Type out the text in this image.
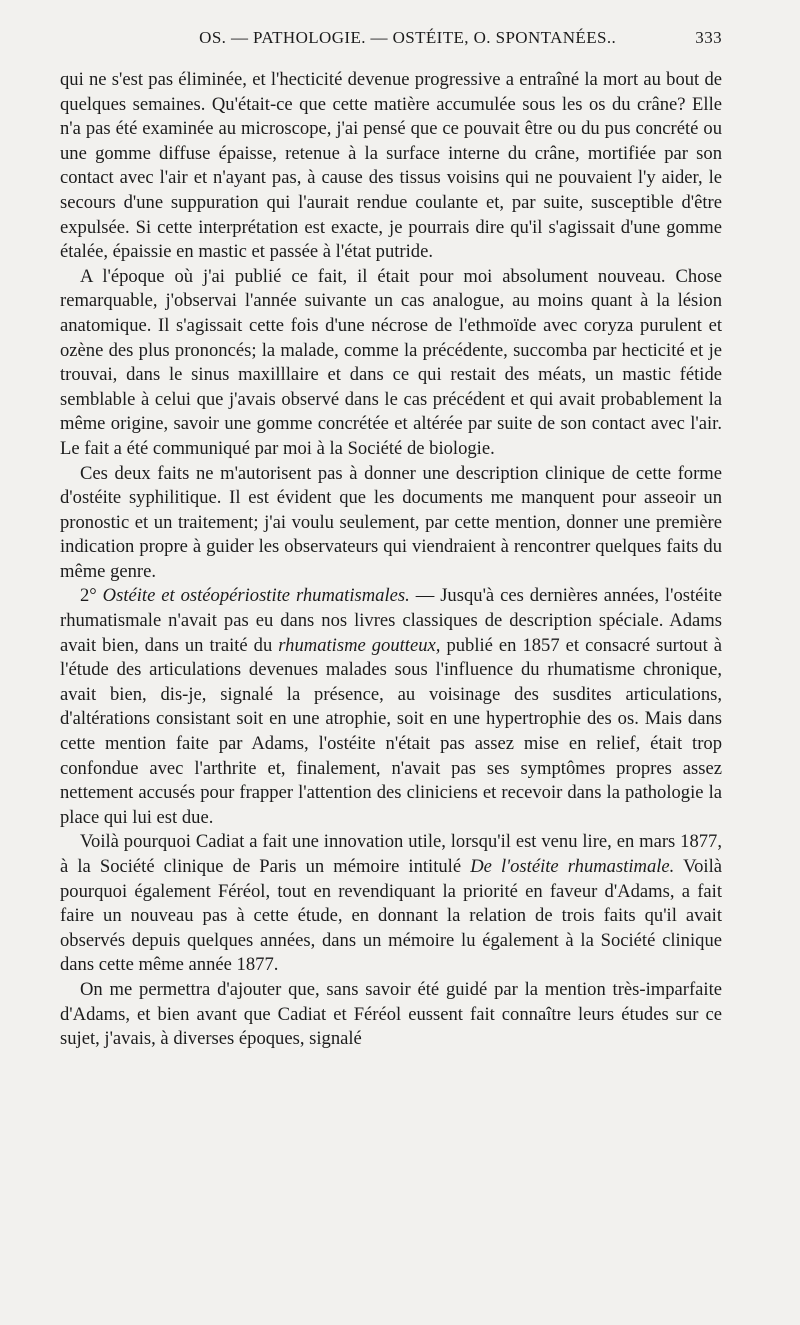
OS. — PATHOLOGIE. — OSTÉITE, O. SPONTANÉES..	333

qui ne s'est pas éliminée, et l'hecticité devenue progressive a entraîné la mort au bout de quelques semaines. Qu'était-ce que cette matière accumulée sous les os du crâne? Elle n'a pas été examinée au microscope, j'ai pensé que ce pouvait être ou du pus concrété ou une gomme diffuse épaisse, retenue à la surface interne du crâne, mortifiée par son contact avec l'air et n'ayant pas, à cause des tissus voisins qui ne pouvaient l'y aider, le secours d'une suppuration qui l'aurait rendue coulante et, par suite, susceptible d'être expulsée. Si cette interprétation est exacte, je pourrais dire qu'il s'agissait d'une gomme étalée, épaissie en mastic et passée à l'état putride.

A l'époque où j'ai publié ce fait, il était pour moi absolument nouveau. Chose remarquable, j'observai l'année suivante un cas analogue, au moins quant à la lésion anatomique. Il s'agissait cette fois d'une nécrose de l'ethmoïde avec coryza purulent et ozène des plus prononcés; la malade, comme la précédente, succomba par hecticité et je trouvai, dans le sinus maxilllaire et dans ce qui restait des méats, un mastic fétide semblable à celui que j'avais observé dans le cas précédent et qui avait probablement la même origine, savoir une gomme concrétée et altérée par suite de son contact avec l'air. Le fait a été communiqué par moi à la Société de biologie.

Ces deux faits ne m'autorisent pas à donner une description clinique de cette forme d'ostéite syphilitique. Il est évident que les documents me manquent pour asseoir un pronostic et un traitement; j'ai voulu seulement, par cette mention, donner une première indication propre à guider les observateurs qui viendraient à rencontrer quelques faits du même genre.

2° Ostéite et ostéopériostite rhumatismales. — Jusqu'à ces dernières années, l'ostéite rhumatismale n'avait pas eu dans nos livres classiques de description spéciale. Adams avait bien, dans un traité du rhumatisme goutteux, publié en 1857 et consacré surtout à l'étude des articulations devenues malades sous l'influence du rhumatisme chronique, avait bien, dis-je, signalé la présence, au voisinage des susdites articulations, d'altérations consistant soit en une atrophie, soit en une hypertrophie des os. Mais dans cette mention faite par Adams, l'ostéite n'était pas assez mise en relief, était trop confondue avec l'arthrite et, finalement, n'avait pas ses symptômes propres assez nettement accusés pour frapper l'attention des cliniciens et recevoir dans la pathologie la place qui lui est due.

Voilà pourquoi Cadiat a fait une innovation utile, lorsqu'il est venu lire, en mars 1877, à la Société clinique de Paris un mémoire intitulé De l'ostéite rhumastimale. Voilà pourquoi également Féréol, tout en revendiquant la priorité en faveur d'Adams, a fait faire un nouveau pas à cette étude, en donnant la relation de trois faits qu'il avait observés depuis quelques années, dans un mémoire lu également à la Société clinique dans cette même année 1877.

On me permettra d'ajouter que, sans savoir été guidé par la mention très-imparfaite d'Adams, et bien avant que Cadiat et Féréol eussent fait connaître leurs études sur ce sujet, j'avais, à diverses époques, signalé
